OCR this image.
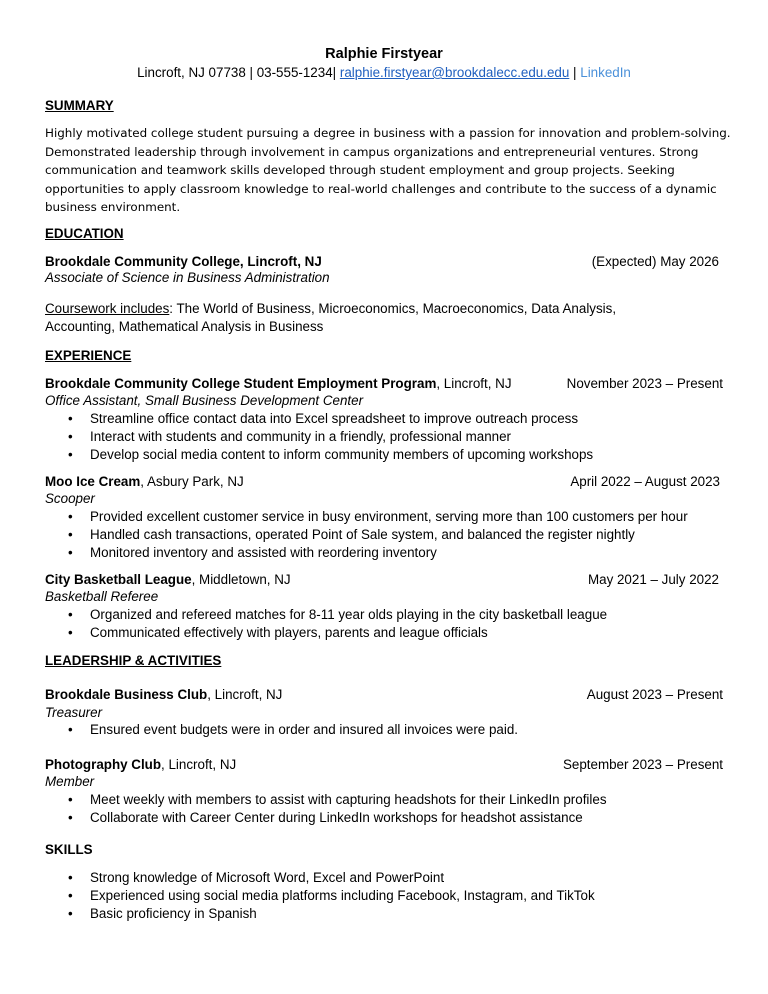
Ralphie Firstyear
Lincroft, NJ 07738 | 03-555-1234| ralphie.firstyear@brookdalecc.edu.edu | LinkedIn
SUMMARY
Highly motivated college student pursuing a degree in business with a passion for innovation and problem-solving. Demonstrated leadership through involvement in campus organizations and entrepreneurial ventures. Strong communication and teamwork skills developed through student employment and group projects. Seeking opportunities to apply classroom knowledge to real-world challenges and contribute to the success of a dynamic business environment.
EDUCATION
Brookdale Community College, Lincroft, NJ	(Expected) May 2026
Associate of Science in Business Administration
Coursework includes: The World of Business, Microeconomics, Macroeconomics, Data Analysis,
Accounting, Mathematical Analysis in Business
EXPERIENCE
Brookdale Community College Student Employment Program, Lincroft, NJ	November 2023 – Present
Office Assistant, Small Business Development Center
• Streamline office contact data into Excel spreadsheet to improve outreach process
• Interact with students and community in a friendly, professional manner
• Develop social media content to inform community members of upcoming workshops
Moo Ice Cream, Asbury Park, NJ	April 2022 – August 2023
Scooper
• Provided excellent customer service in busy environment, serving more than 100 customers per hour
• Handled cash transactions, operated Point of Sale system, and balanced the register nightly
• Monitored inventory and assisted with reordering inventory
City Basketball League, Middletown, NJ	May 2021 – July 2022
Basketball Referee
• Organized and refereed matches for 8-11 year olds playing in the city basketball league
• Communicated effectively with players, parents and league officials
LEADERSHIP & ACTIVITIES
Brookdale Business Club, Lincroft, NJ	August 2023 – Present
Treasurer
• Ensured event budgets were in order and insured all invoices were paid.
Photography Club, Lincroft, NJ	September 2023 – Present
Member
• Meet weekly with members to assist with capturing headshots for their LinkedIn profiles
• Collaborate with Career Center during LinkedIn workshops for headshot assistance
SKILLS
• Strong knowledge of Microsoft Word, Excel and PowerPoint
• Experienced using social media platforms including Facebook, Instagram, and TikTok
• Basic proficiency in Spanish
